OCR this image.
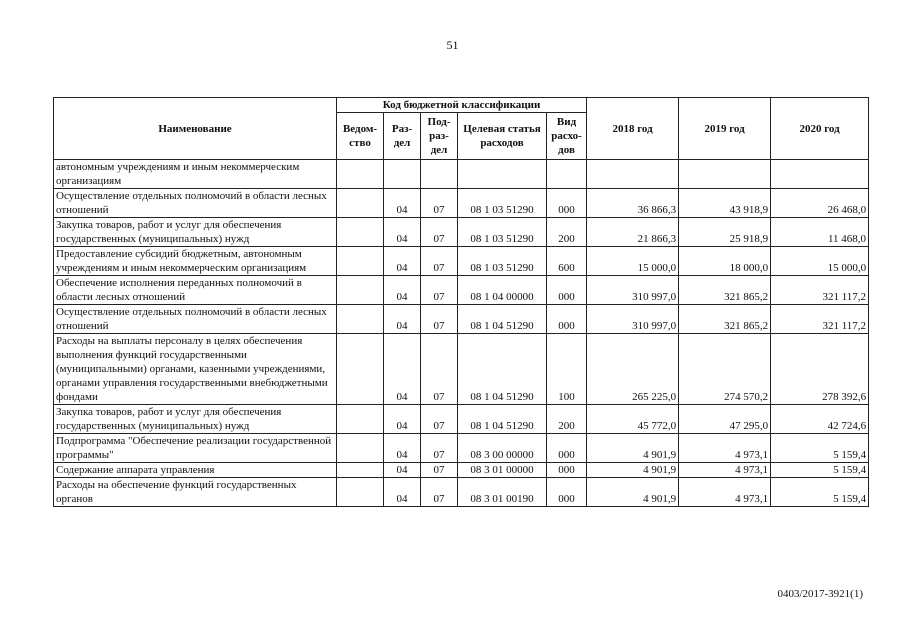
51
Наименование	Код бюджетной классификации					2018 год	2019 год	2020 год
	Ведом-ство	Раз-дел	Под-раз-дел	Целевая статья расходов	Вид расхо-дов			
автономным учреждениям и иным некоммерческим организациям								
Осуществление отдельных полномочий в области лесных отношений		04	07	08 1 03 51290	000	36 866,3	43 918,9	26 468,0
Закупка товаров, работ и услуг для обеспечения государственных (муниципальных) нужд		04	07	08 1 03 51290	200	21 866,3	25 918,9	11 468,0
Предоставление субсидий бюджетным, автономным учреждениям и иным некоммерческим организациям		04	07	08 1 03 51290	600	15 000,0	18 000,0	15 000,0
Обеспечение исполнения переданных полномочий в области лесных отношений		04	07	08 1 04 00000	000	310 997,0	321 865,2	321 117,2
Осуществление отдельных полномочий в области лесных отношений		04	07	08 1 04 51290	000	310 997,0	321 865,2	321 117,2
Расходы на выплаты персоналу в целях обеспечения выполнения функций государственными (муниципальными) органами, казенными учреждениями, органами управления государственными внебюджетными фондами		04	07	08 1 04 51290	100	265 225,0	274 570,2	278 392,6
Закупка товаров, работ и услуг для обеспечения государственных (муниципальных) нужд		04	07	08 1 04 51290	200	45 772,0	47 295,0	42 724,6
Подпрограмма "Обеспечение реализации государственной программы"		04	07	08 3 00 00000	000	4 901,9	4 973,1	5 159,4
Содержание аппарата управления		04	07	08 3 01 00000	000	4 901,9	4 973,1	5 159,4
Расходы на обеспечение функций государственных органов		04	07	08 3 01 00190	000	4 901,9	4 973,1	5 159,4
0403/2017-3921(1)
